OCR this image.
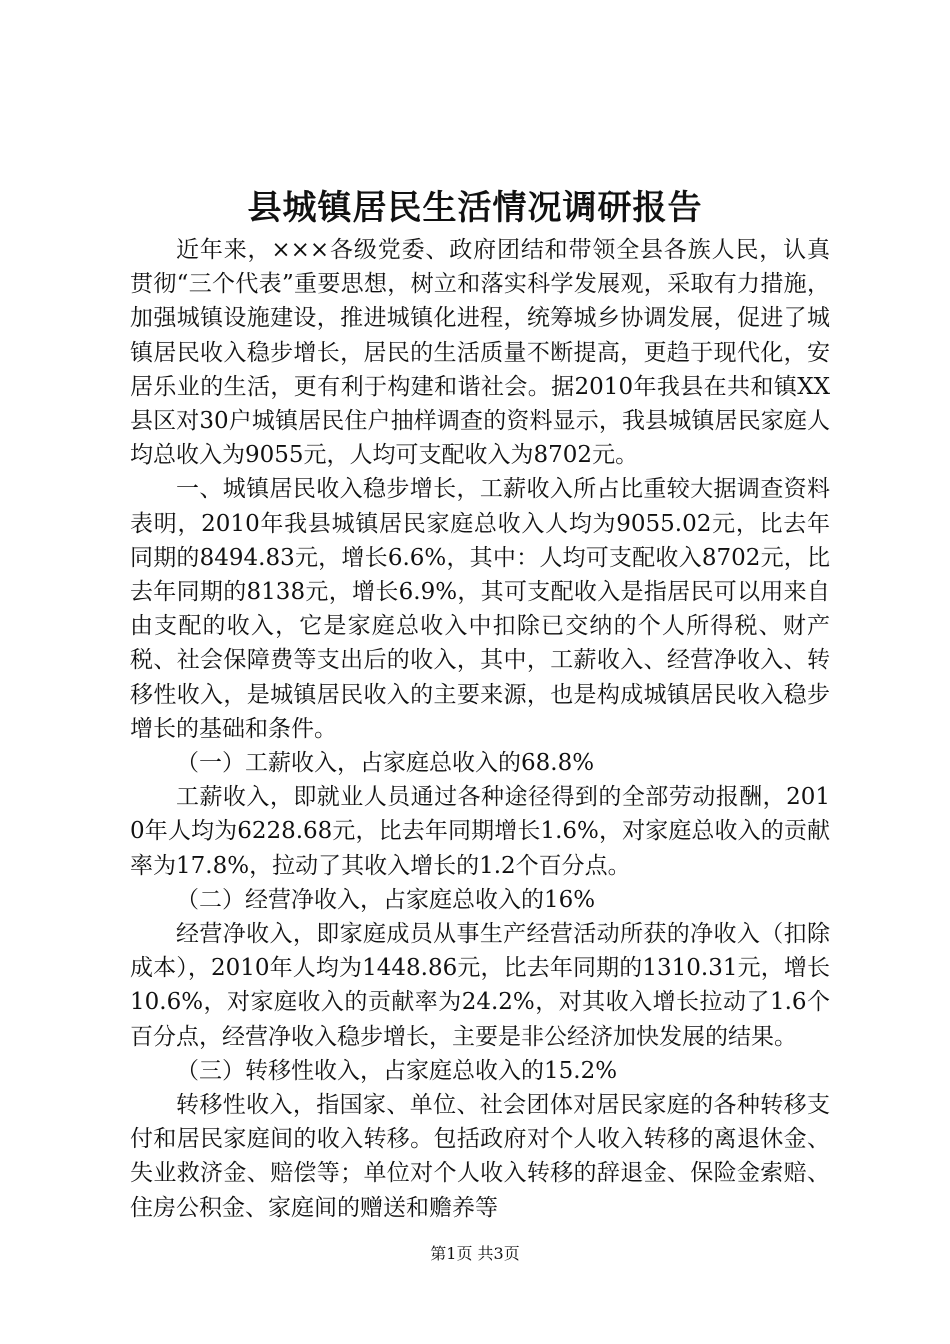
县城镇居民生活情况调研报告

近年来，×××各级党委、政府团结和带领全县各族人民，认真贯彻“三个代表”重要思想，树立和落实科学发展观，采取有力措施，加强城镇设施建设，推进城镇化进程，统筹城乡协调发展，促进了城镇居民收入稳步增长，居民的生活质量不断提高，更趋于现代化，安居乐业的生活，更有利于构建和谐社会。据2010年我县在共和镇XX县区对30户城镇居民住户抽样调查的资料显示，我县城镇居民家庭人均总收入为9055元，人均可支配收入为8702元。

一、城镇居民收入稳步增长，工薪收入所占比重较大据调查资料表明，2010年我县城镇居民家庭总收入人均为9055.02元，比去年同期的8494.83元，增长6.6%，其中：人均可支配收入8702元，比去年同期的8138元，增长6.9%，其可支配收入是指居民可以用来自由支配的收入，它是家庭总收入中扣除已交纳的个人所得税、财产税、社会保障费等支出后的收入，其中，工薪收入、经营净收入、转移性收入，是城镇居民收入的主要来源，也是构成城镇居民收入稳步增长的基础和条件。

（一）工薪收入，占家庭总收入的68.8%

工薪收入，即就业人员通过各种途径得到的全部劳动报酬，2010年人均为6228.68元，比去年同期增长1.6%，对家庭总收入的贡献率为17.8%，拉动了其收入增长的1.2个百分点。

（二）经营净收入，占家庭总收入的16%

经营净收入，即家庭成员从事生产经营活动所获的净收入（扣除成本），2010年人均为1448.86元，比去年同期的1310.31元，增长10.6%，对家庭收入的贡献率为24.2%，对其收入增长拉动了1.6个百分点，经营净收入稳步增长，主要是非公经济加快发展的结果。

（三）转移性收入，占家庭总收入的15.2%

转移性收入，指国家、单位、社会团体对居民家庭的各种转移支付和居民家庭间的收入转移。包括政府对个人收入转移的离退休金、失业救济金、赔偿等；单位对个人收入转移的辞退金、保险金索赔、住房公积金、家庭间的赠送和赡养等

第1页 共3页
